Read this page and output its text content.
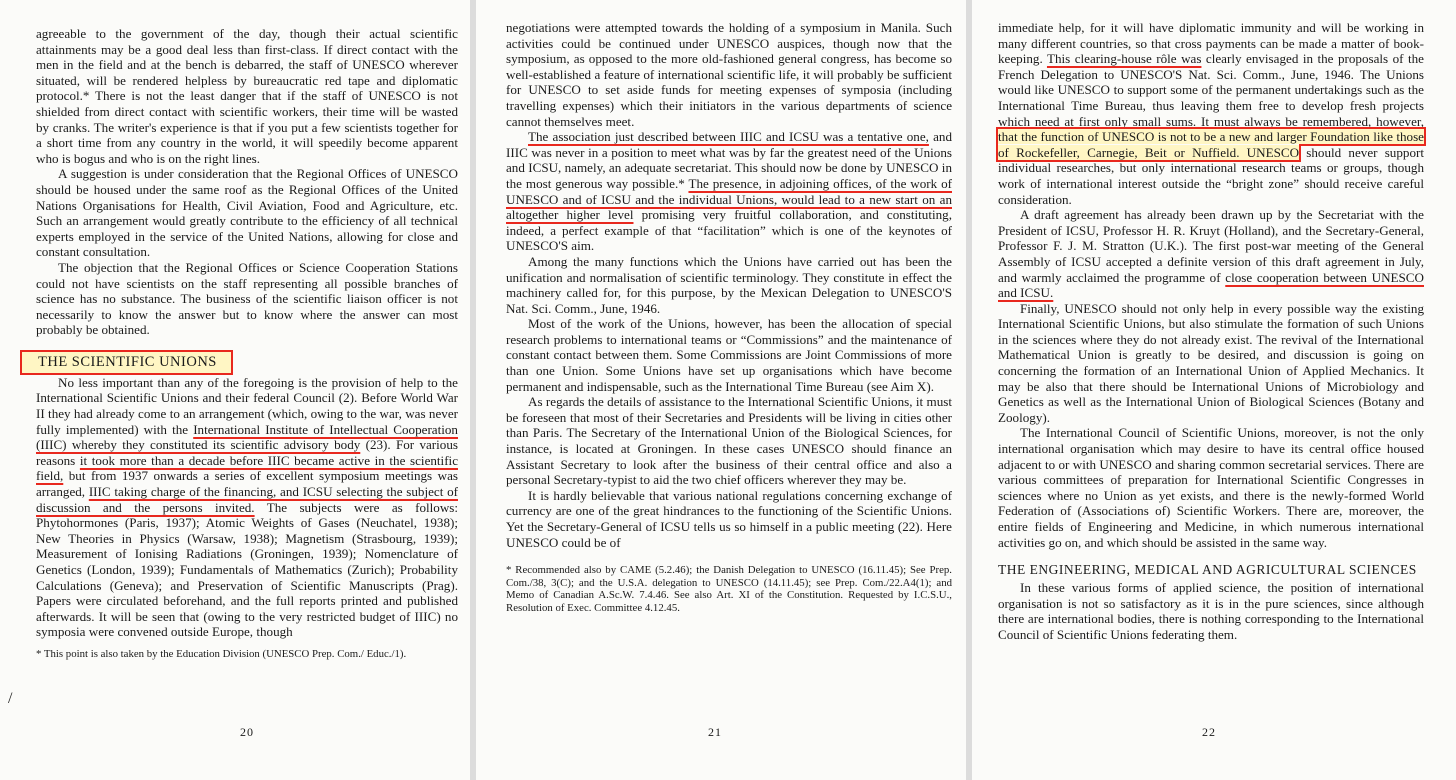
agreeable to the government of the day, though their actual scientific attainments may be a good deal less than first-class. If direct contact with the men in the field and at the bench is debarred, the staff of UNESCO wherever situated, will be rendered helpless by bureaucratic red tape and diplomatic protocol.* There is not the least danger that if the staff of UNESCO is not shielded from direct contact with scientific workers, their time will be wasted by cranks. The writer's experience is that if you put a few scientists together for a short time from any country in the world, it will speedily become apparent who is bogus and who is on the right lines.

A suggestion is under consideration that the Regional Offices of UNESCO should be housed under the same roof as the Regional Offices of the United Nations Organisations for Health, Civil Aviation, Food and Agriculture, etc. Such an arrangement would greatly contribute to the efficiency of all technical experts employed in the service of the United Nations, allowing for close and constant consultation.

The objection that the Regional Offices or Science Cooperation Stations could not have scientists on the staff representing all possible branches of science has no substance. The business of the scientific liaison officer is not necessarily to know the answer but to know where the answer can most probably be obtained.

THE SCIENTIFIC UNIONS

No less important than any of the foregoing is the provision of help to the International Scientific Unions and their federal Council (2). Before World War II they had already come to an arrangement (which, owing to the war, was never fully implemented) with the International Institute of Intellectual Cooperation (IIIC) whereby they constituted its scientific advisory body (23). For various reasons it took more than a decade before IIIC became active in the scientific field, but from 1937 onwards a series of excellent symposium meetings was arranged, IIIC taking charge of the financing, and ICSU selecting the subject of discussion and the persons invited. The subjects were as follows: Phytohormones (Paris, 1937); Atomic Weights of Gases (Neuchatel, 1938); New Theories in Physics (Warsaw, 1938); Magnetism (Strasbourg, 1939); Measurement of Ionising Radiations (Groningen, 1939); Nomenclature of Genetics (London, 1939); Fundamentals of Mathematics (Zurich); Probability Calculations (Geneva); and Preservation of Scientific Manuscripts (Prag). Papers were circulated beforehand, and the full reports printed and published afterwards. It will be seen that (owing to the very restricted budget of IIIC) no symposia were convened outside Europe, though

* This point is also taken by the Education Division (UNESCO Prep. Com./ Educ./1).

20
/

negotiations were attempted towards the holding of a symposium in Manila. Such activities could be continued under UNESCO auspices, though now that the symposium, as opposed to the more old-fashioned general congress, has become so well-established a feature of international scientific life, it will probably be sufficient for UNESCO to set aside funds for meeting expenses of symposia (including travelling expenses) which their initiators in the various departments of science cannot themselves meet.

The association just described between IIIC and ICSU was a tentative one, and IIIC was never in a position to meet what was by far the greatest need of the Unions and ICSU, namely, an adequate secretariat. This should now be done by UNESCO in the most generous way possible.* The presence, in adjoining offices, of the work of UNESCO and of ICSU and the individual Unions, would lead to a new start on an altogether higher level promising very fruitful collaboration, and constituting, indeed, a perfect example of that “facilitation” which is one of the keynotes of UNESCO'S aim.

Among the many functions which the Unions have carried out has been the unification and normalisation of scientific terminology. They constitute in effect the machinery called for, for this purpose, by the Mexican Delegation to UNESCO'S Nat. Sci. Comm., June, 1946.

Most of the work of the Unions, however, has been the allocation of special research problems to international teams or “Commissions” and the maintenance of constant contact between them. Some Commissions are Joint Commissions of more than one Union. Some Unions have set up organisations which have become permanent and indispensable, such as the International Time Bureau (see Aim X).

As regards the details of assistance to the International Scientific Unions, it must be foreseen that most of their Secretaries and Presidents will be living in cities other than Paris. The Secretary of the International Union of the Biological Sciences, for instance, is located at Groningen. In these cases UNESCO should finance an Assistant Secretary to look after the business of their central office and also a personal Secretary-typist to aid the two chief officers wherever they may be.

It is hardly believable that various national regulations concerning exchange of currency are one of the great hindrances to the functioning of the Scientific Unions. Yet the Secretary-General of ICSU tells us so himself in a public meeting (22). Here UNESCO could be of

* Recommended also by CAME (5.2.46); the Danish Delegation to UNESCO (16.11.45); See Prep. Com./38, 3(C); and the U.S.A. delegation to UNESCO (14.11.45); see Prep. Com./22.A4(1); and Memo of Canadian A.Sc.W. 7.4.46. See also Art. XI of the Constitution. Requested by I.C.S.U., Resolution of Exec. Committee 4.12.45.

21

immediate help, for it will have diplomatic immunity and will be working in many different countries, so that cross payments can be made a matter of book-keeping. This clearing-house rôle was clearly envisaged in the proposals of the French Delegation to UNESCO'S Nat. Sci. Comm., June, 1946. The Unions would like UNESCO to support some of the permanent undertakings such as the International Time Bureau, thus leaving them free to develop fresh projects which need at first only small sums. It must always be remembered, however, that the function of UNESCO is not to be a new and larger Foundation like those of Rockefeller, Carnegie, Beit or Nuffield. UNESCO should never support individual researches, but only international research teams or groups, though work of international interest outside the “bright zone” should receive careful consideration.

A draft agreement has already been drawn up by the Secretariat with the President of ICSU, Professor H. R. Kruyt (Holland), and the Secretary-General, Professor F. J. M. Stratton (U.K.). The first post-war meeting of the General Assembly of ICSU accepted a definite version of this draft agreement in July, and warmly acclaimed the programme of close cooperation between UNESCO and ICSU.

Finally, UNESCO should not only help in every possible way the existing International Scientific Unions, but also stimulate the formation of such Unions in the sciences where they do not already exist. The revival of the International Mathematical Union is greatly to be desired, and discussion is going on concerning the formation of an International Union of Applied Mechanics. It may be also that there should be International Unions of Microbiology and Genetics as well as the International Union of Biological Sciences (Botany and Zoology).

The International Council of Scientific Unions, moreover, is not the only international organisation which may desire to have its central office housed adjacent to or with UNESCO and sharing common secretarial services. There are various committees of preparation for International Scientific Congresses in sciences where no Union as yet exists, and there is the newly-formed World Federation of (Associations of) Scientific Workers. There are, moreover, the entire fields of Engineering and Medicine, in which numerous international activities go on, and which should be assisted in the same way.

THE ENGINEERING, MEDICAL AND AGRICULTURAL SCIENCES

In these various forms of applied science, the position of international organisation is not so satisfactory as it is in the pure sciences, since although there are international bodies, there is nothing corresponding to the International Council of Scientific Unions federating them.

22
